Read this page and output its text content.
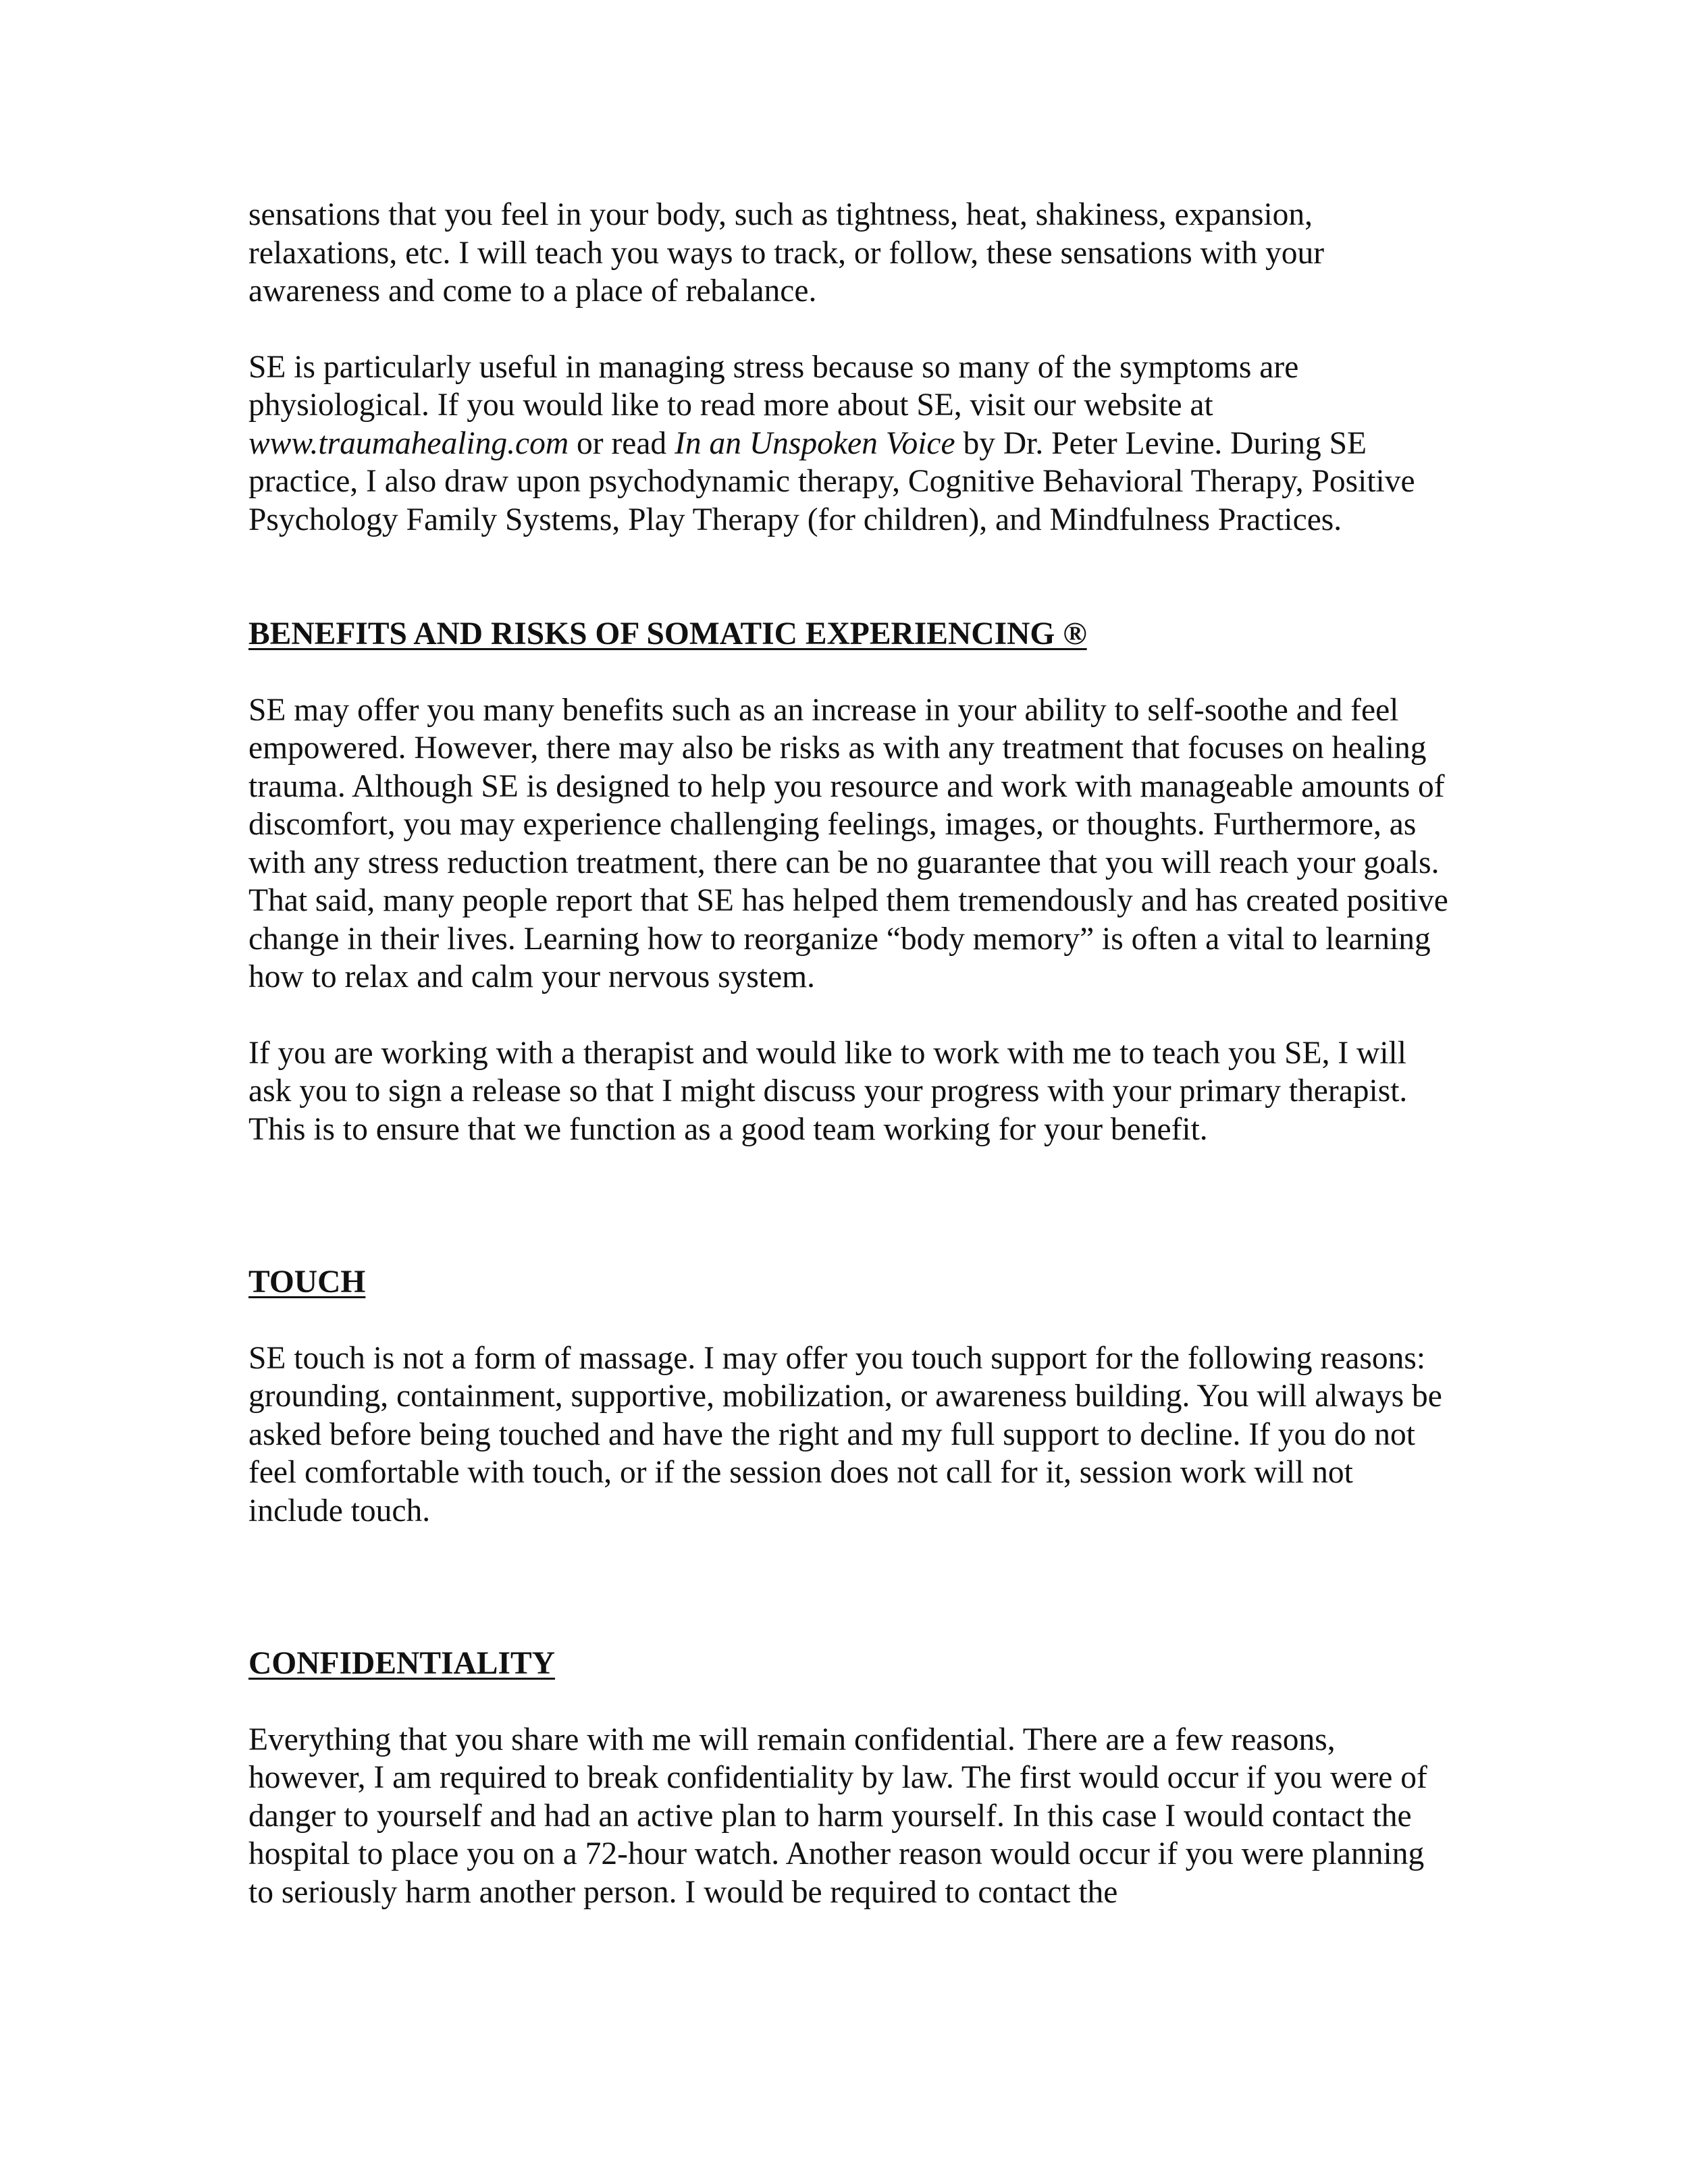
sensations that you feel in your body, such as tightness, heat, shakiness, expansion, relaxations, etc. I will teach you ways to track, or follow, these sensations with your awareness and come to a place of rebalance.

SE is particularly useful in managing stress because so many of the symptoms are physiological. If you would like to read more about SE, visit our website at www.traumahealing.com or read In an Unspoken Voice by Dr. Peter Levine. During SE practice, I also draw upon psychodynamic therapy, Cognitive Behavioral Therapy, Positive Psychology Family Systems, Play Therapy (for children), and Mindfulness Practices.

BENEFITS AND RISKS OF SOMATIC EXPERIENCING ®

SE may offer you many benefits such as an increase in your ability to self-soothe and feel empowered. However, there may also be risks as with any treatment that focuses on healing trauma. Although SE is designed to help you resource and work with manageable amounts of discomfort, you may experience challenging feelings, images, or thoughts. Furthermore, as with any stress reduction treatment, there can be no guarantee that you will reach your goals. That said, many people report that SE has helped them tremendously and has created positive change in their lives. Learning how to reorganize “body memory” is often a vital to learning how to relax and calm your nervous system.

If you are working with a therapist and would like to work with me to teach you SE, I will ask you to sign a release so that I might discuss your progress with your primary therapist. This is to ensure that we function as a good team working for your benefit.

TOUCH

SE touch is not a form of massage. I may offer you touch support for the following reasons: grounding, containment, supportive, mobilization, or awareness building. You will always be asked before being touched and have the right and my full support to decline. If you do not feel comfortable with touch, or if the session does not call for it, session work will not include touch.

CONFIDENTIALITY

Everything that you share with me will remain confidential. There are a few reasons, however, I am required to break confidentiality by law. The first would occur if you were of danger to yourself and had an active plan to harm yourself. In this case I would contact the hospital to place you on a 72-hour watch. Another reason would occur if you were planning to seriously harm another person. I would be required to contact the
